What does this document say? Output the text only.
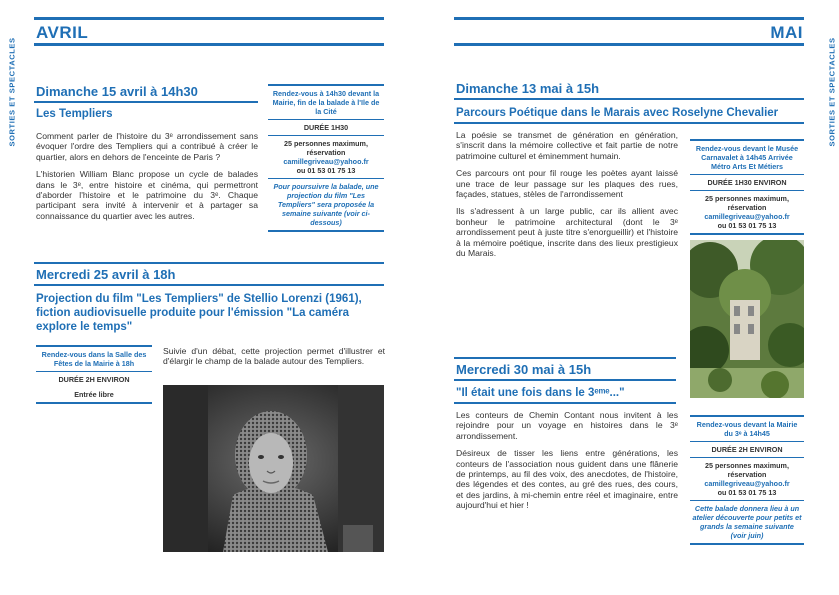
SORTIES ET SPECTACLES
AVRIL
Dimanche 15 avril à 14h30
Les Templiers

Comment parler de l'histoire du 3ᵉ arrondissement sans évoquer l'ordre des Templiers qui a contribué à créer le quartier, alors en dehors de l'enceinte de Paris ?

L'historien William Blanc propose un cycle de balades dans le 3ᵉ, entre histoire et cinéma, qui permettront d'aborder l'histoire et le patrimoine du 3ᵉ. Chaque participant sera invité à intervenir et à partager sa connaissance du quartier avec les autres.

Rendez-vous à 14h30 devant la Mairie, fin de la balade à l'Ile de la Cité
DURÉE 1H30
25 personnes maximum, réservation
camillegriveau@yahoo.fr
ou 01 53 01 75 13
Pour poursuivre la balade, une projection du film "Les Templiers" sera proposée la semaine suivante (voir ci-dessous)
Mercredi 25 avril à 18h
Projection du film "Les Templiers" de Stellio Lorenzi (1961), fiction audiovisuelle produite pour l'émission "La caméra explore le temps"
Rendez-vous dans la Salle des Fêtes de la Mairie à 18h
DURÉE 2H ENVIRON
Entrée libre

Suivie d'un débat, cette projection permet d'illustrer et d'élargir le champ de la balade autour des Templiers.

SORTIES ET SPECTACLES
MAI
Dimanche 13 mai à 15h
Parcours Poétique dans le Marais avec Roselyne Chevalier

La poésie se transmet de génération en génération, s'inscrit dans la mémoire collective et fait partie de notre patrimoine culturel et éminemment humain.

Ces parcours ont pour fil rouge les poètes ayant laissé une trace de leur passage sur les plaques des rues, façades, statues, stèles de l'arrondissement

Ils s'adressent à un large public, car ils allient avec bonheur le patrimoine architectural (dont le 3ᵉ arrondissement peut à juste titre s'enorgueillir) et l'histoire à la mémoire poétique, inscrite dans des lieux prestigieux du Marais.

Rendez-vous devant le Musée Carnavalet à 14h45 Arrivée Métro Arts Et Métiers
DURÉE 1H30 ENVIRON
25 personnes maximum, réservation
camillegriveau@yahoo.fr
ou 01 53 01 75 13
Mercredi 30 mai à 15h
"Il était une fois dans le 3ᵉᵐᵉ..."

Les conteurs de Chemin Contant nous invitent à les rejoindre pour un voyage en histoires dans le 3ᵉ arrondissement.

Désireux de tisser les liens entre générations, les conteurs de l'association nous guident dans une flânerie de printemps, au fil des voix, des anecdotes, de l'histoire, des légendes et des contes, au gré des rues, des cours, et des jardins, à mi-chemin entre réel et imaginaire, entre aujourd'hui et hier !

Rendez-vous devant la Mairie du 3ᵉ à 14h45
DURÉE 2H ENVIRON
25 personnes maximum, réservation
camillegriveau@yahoo.fr
ou 01 53 01 75 13
Cette balade donnera lieu à un atelier découverte pour petits et grands la semaine suivante (voir juin)
